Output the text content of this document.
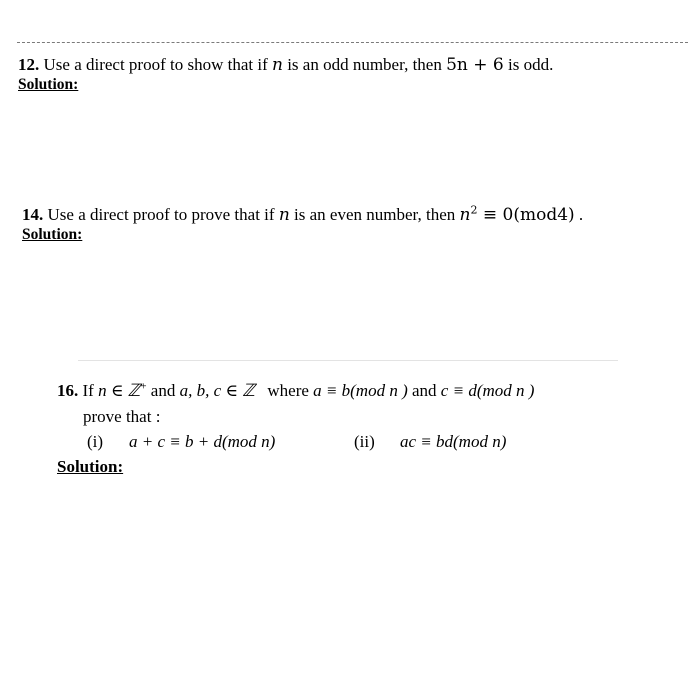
12. Use a direct proof to show that if n is an odd number, then 5n + 6 is odd.
Solution:
14. Use a direct proof to prove that if n is an even number, then $n^2 \equiv 0(mod4)$ .
Solution:
16. If n ∈ ℤ+ and a, b, c ∈ ℤ where a ≡ b(mod n ) and c ≡ d(mod n )
prove that :
(i) a + c ≡ b + d(mod n)	(ii) ac ≡ bd(mod n)
Solution:
